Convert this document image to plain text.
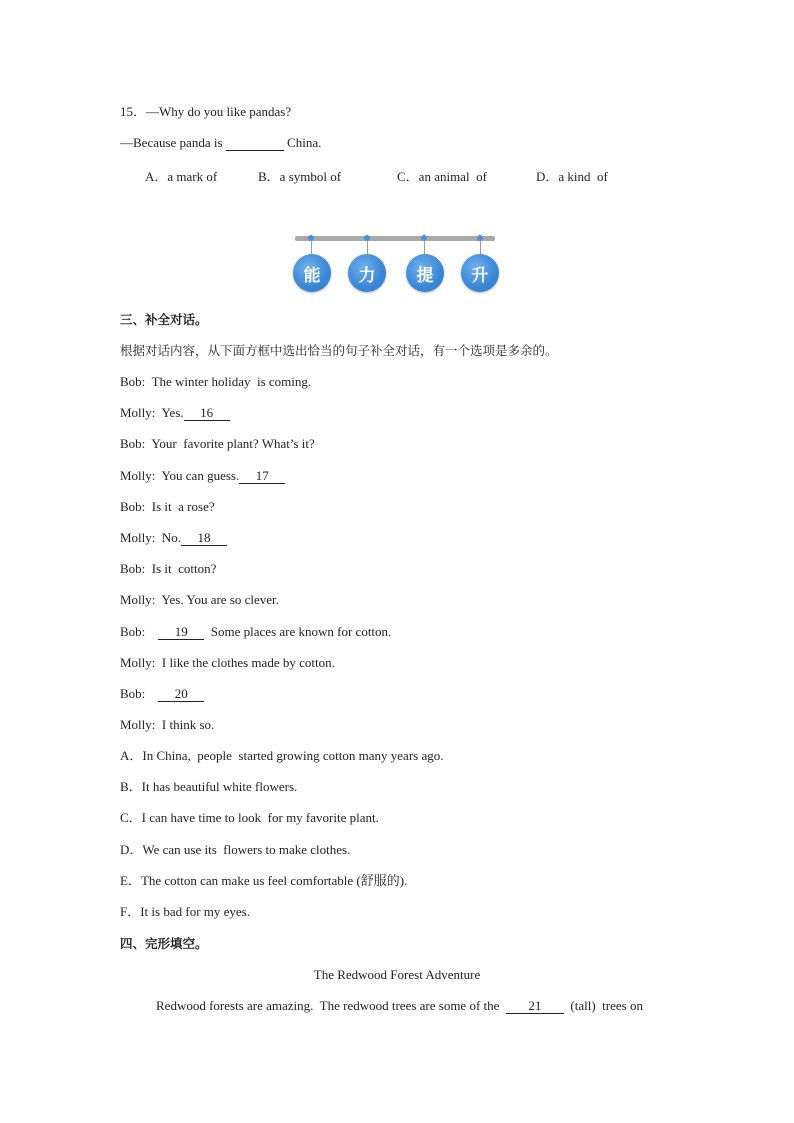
15．—Why do you like pandas?
—Because panda is	China.
A．a mark of	B．a symbol of	C．an animal  of	D．a kind  of
能	力	提	升
三、补全对话。
根据对话内容，从下面方框中选出恰当的句子补全对话，有一个选项是多余的。
Bob: The winter holiday  is coming.
Molly: Yes. 16
Bob: Your  favorite plant? What’s it?
Molly: You can guess. 17
Bob: Is it  a rose?
Molly: No. 18
Bob: Is it  cotton?
Molly: Yes. You are so clever.
Bob: 19  Some places are known for cotton.
Molly: I like the clothes made by cotton.
Bob: 20
Molly: I think so.
A．In China,  people  started growing cotton many years ago.
B．It has beautiful white flowers.
C．I can have time to look  for my favorite plant.
D．We can use its  flowers to make clothes.
E．The cotton can make us feel comfortable (舒服的).
F．It is bad for my eyes.
四、完形填空。
The Redwood Forest Adventure
Redwood forests are amazing.  The redwood trees are some of the  21  (tall)  trees on
